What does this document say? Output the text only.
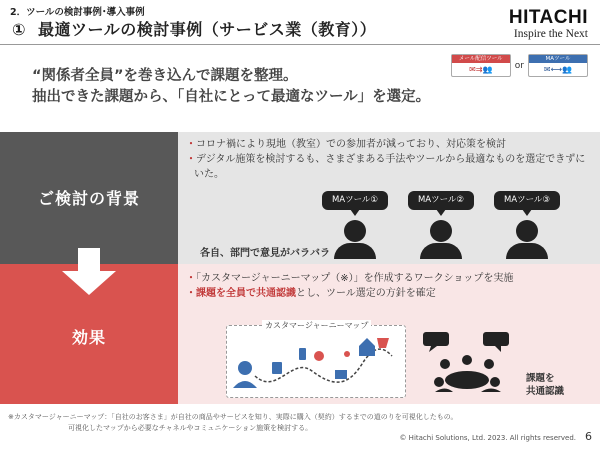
2．ツールの検討事例･導入事例
① 最適ツールの検討事例（サービス業（教育））
HITACHI
Inspire the Next
“関係者全員”を巻き込んで課題を整理。
抽出できた課題から、「自社にとって最適なツール」を選定。
メール配信ツール
✉⇉👥	or
MAツール
✉⟷👥
ご検討の背景
・コロナ禍により現地（教室）での参加者が減っており、対応策を検討
・デジタル施策を検討するも、さまざまある手法やツールから最適なものを選定できずにいた。
MAツール①	MAツール②	MAツール③
各自、部門で意見がバラバラ
効果
・「カスタマージャーニーマップ（※）」を作成するワークショップを実施
・課題を全員で共通認識とし、ツール選定の方針を確定
カスタマージャーニーマップ
課題を
共通認識
※カスタマージャーニーマップ：「自社のお客さま」が自社の商品やサービスを知り、実際に購入（契約）するまでの道のりを可視化したもの。
可視化したマップから必要なチャネルやコミュニケーション施策を検討する。
© Hitachi Solutions, Ltd. 2023. All rights reserved. 6
